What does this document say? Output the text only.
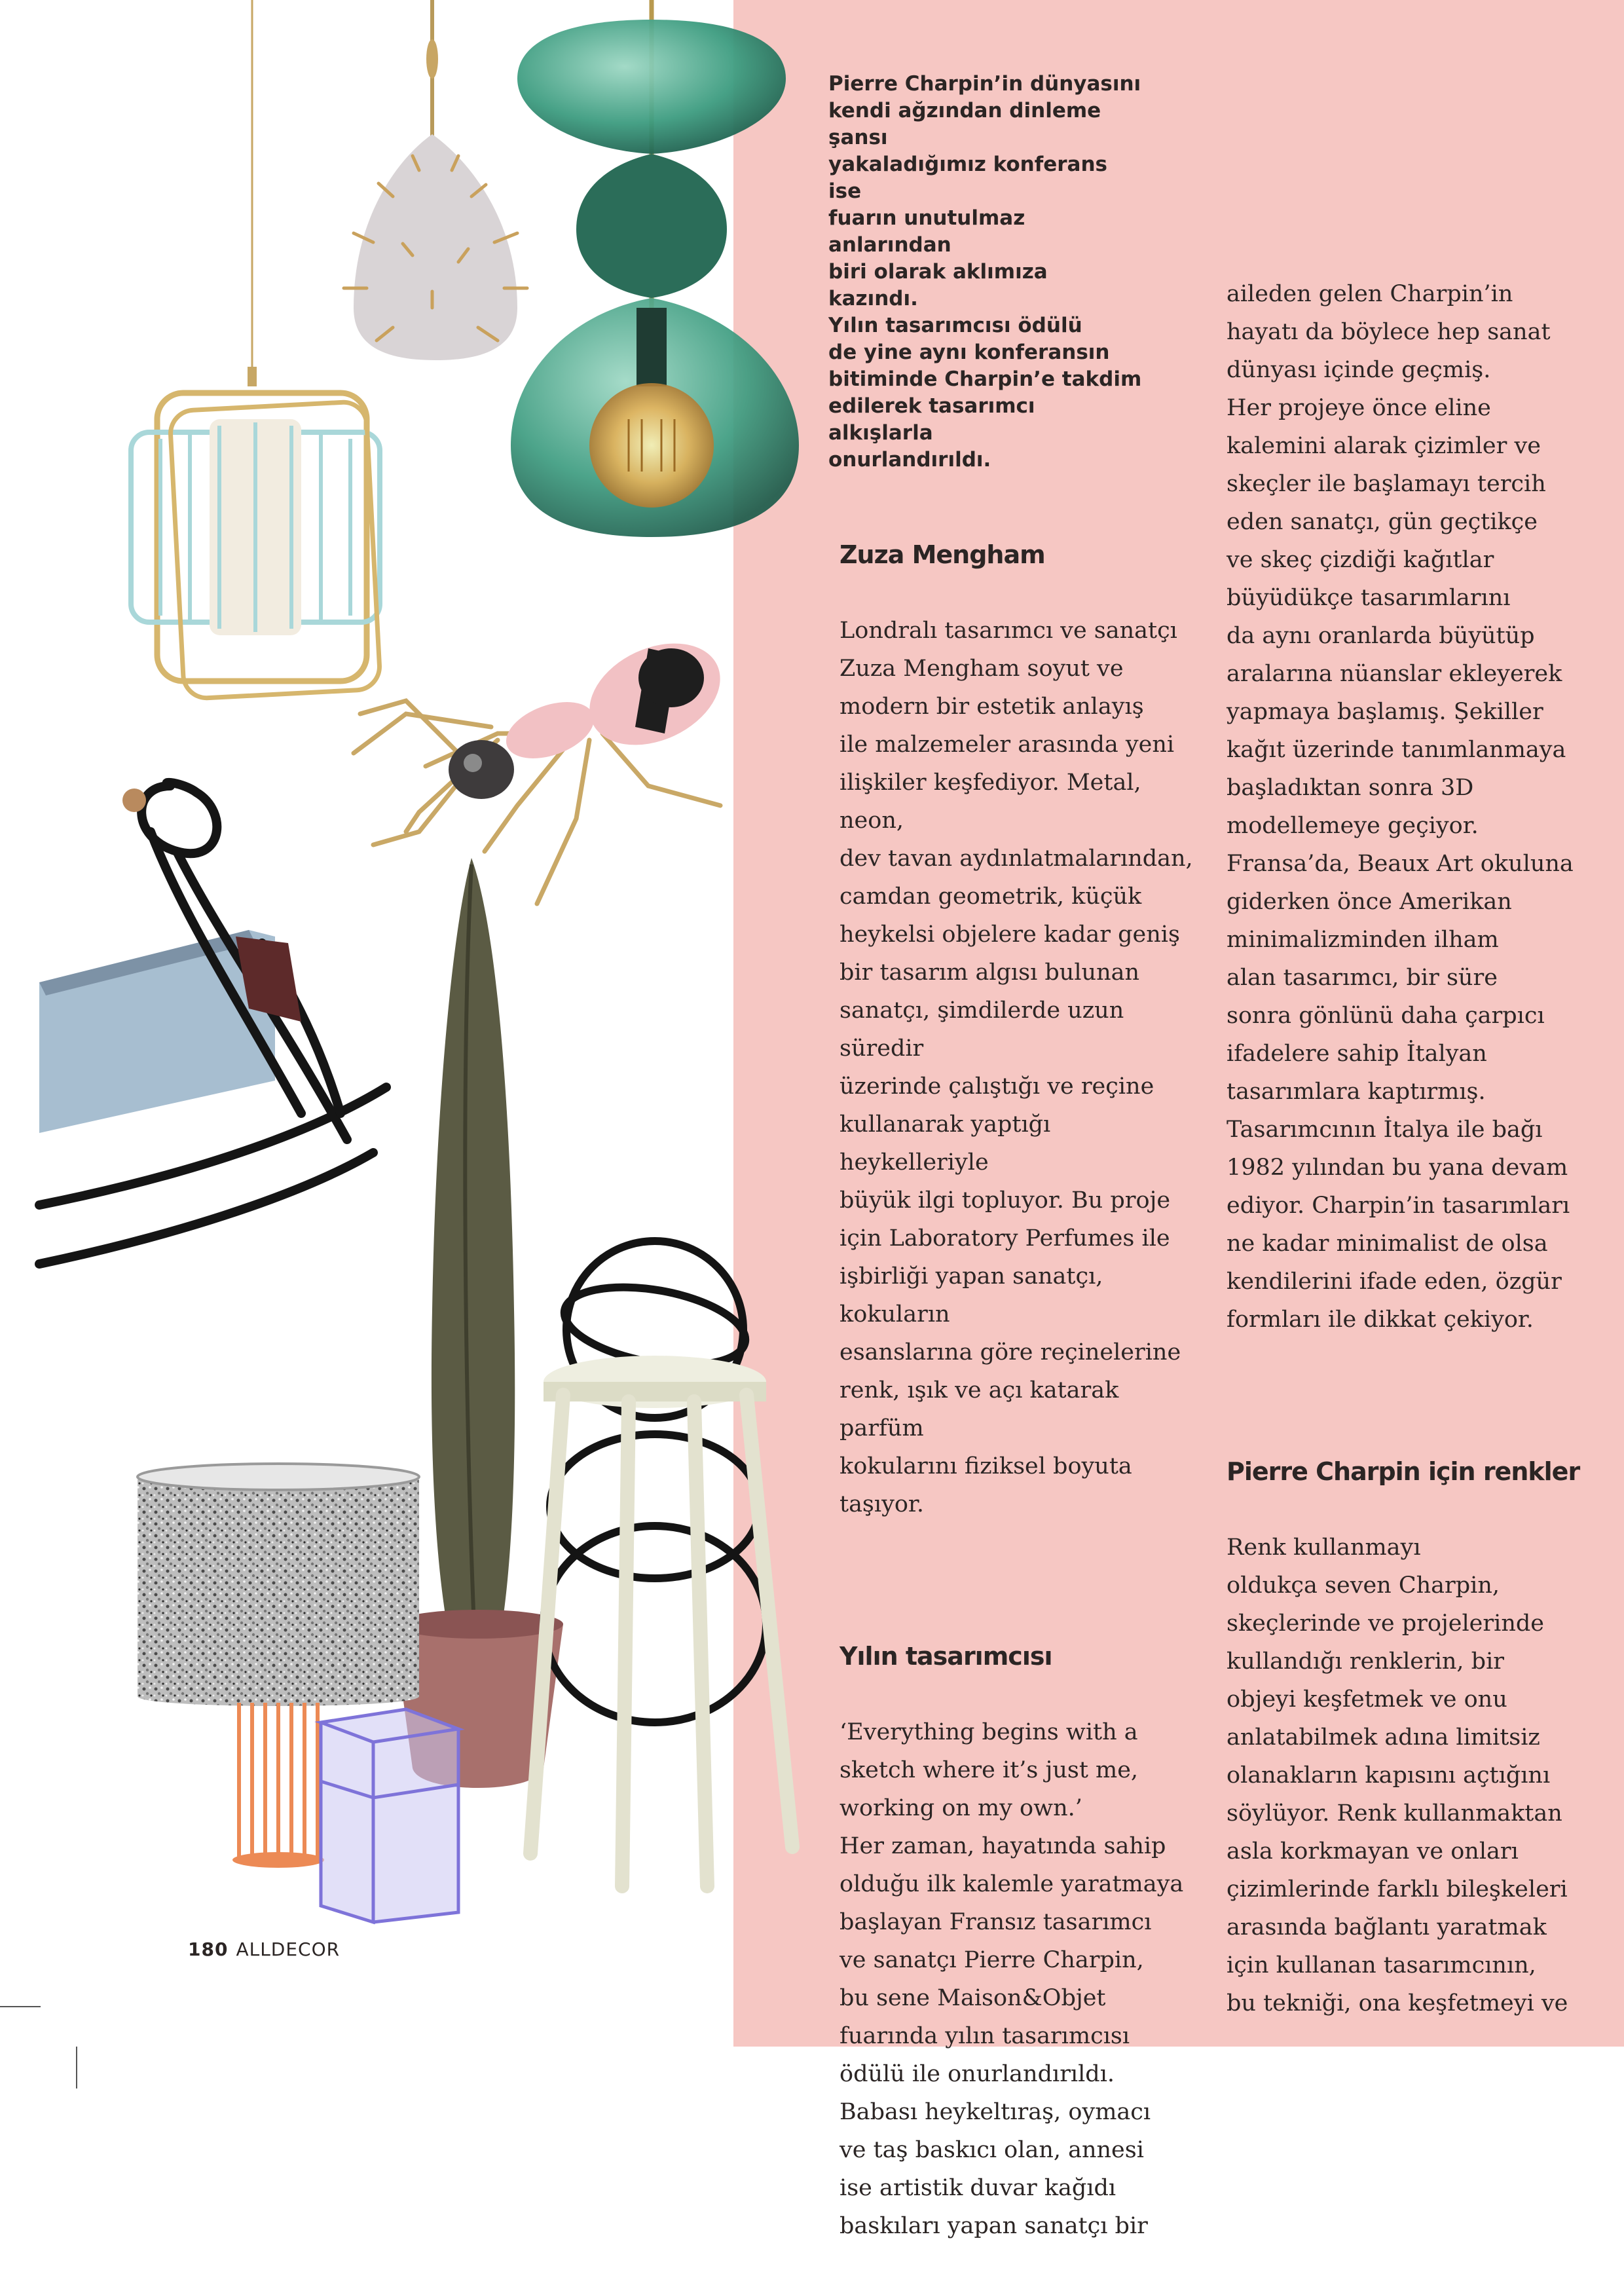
Pierre Charpin’in dünyasını
kendi ağzından dinleme şansı
yakaladığımız konferans ise
fuarın unutulmaz anlarından
biri olarak aklımıza kazındı.
Yılın tasarımcısı ödülü
de yine aynı konferansın
bitiminde Charpin’e takdim
edilerek tasarımcı alkışlarla
onurlandırıldı.

Zuza Mengham

Londralı tasarımcı ve sanatçı
Zuza Mengham soyut ve
modern bir estetik anlayış
ile malzemeler arasında yeni
ilişkiler keşfediyor. Metal, neon,
dev tavan aydınlatmalarından,
camdan geometrik, küçük
heykelsi objelere kadar geniş
bir tasarım algısı bulunan
sanatçı, şimdilerde uzun süredir
üzerinde çalıştığı ve reçine
kullanarak yaptığı heykelleriyle
büyük ilgi topluyor. Bu proje
için Laboratory Perfumes ile
işbirliği yapan sanatçı, kokuların
esanslarına göre reçinelerine
renk, ışık ve açı katarak parfüm
kokularını fiziksel boyuta
taşıyor.

Yılın tasarımcısı

‘Everything begins with a
sketch where it’s just me,
working on my own.’
Her zaman, hayatında sahip
olduğu ilk kalemle yaratmaya
başlayan Fransız tasarımcı
ve sanatçı Pierre Charpin,
bu sene Maison&Objet
fuarında yılın tasarımcısı
ödülü ile onurlandırıldı.
Babası heykeltıraş, oymacı
ve taş baskıcı olan, annesi
ise artistik duvar kağıdı
baskıları yapan sanatçı bir

aileden gelen Charpin’in
hayatı da böylece hep sanat
dünyası içinde geçmiş.
Her projeye önce eline
kalemini alarak çizimler ve
skeçler ile başlamayı tercih
eden sanatçı, gün geçtikçe
ve skeç çizdiği kağıtlar
büyüdükçe tasarımlarını
da aynı oranlarda büyütüp
aralarına nüanslar ekleyerek
yapmaya başlamış. Şekiller
kağıt üzerinde tanımlanmaya
başladıktan sonra 3D
modellemeye geçiyor.
Fransa’da, Beaux Art okuluna
giderken önce Amerikan
minimalizminden ilham
alan tasarımcı, bir süre
sonra gönlünü daha çarpıcı
ifadelere sahip İtalyan
tasarımlara kaptırmış.
Tasarımcının İtalya ile bağı
1982 yılından bu yana devam
ediyor. Charpin’in tasarımları
ne kadar minimalist de olsa
kendilerini ifade eden, özgür
formları ile dikkat çekiyor.

Pierre Charpin için renkler

Renk kullanmayı
oldukça seven Charpin,
skeçlerinde ve projelerinde
kullandığı renklerin, bir
objeyi keşfetmek ve onu
anlatabilmek adına limitsiz
olanakların kapısını açtığını
söylüyor. Renk kullanmaktan
asla korkmayan ve onları
çizimlerinde farklı bileşkeleri
arasında bağlantı yaratmak
için kullanan tasarımcının,
bu tekniği, ona keşfetmeyi ve

180 ALLDECOR
